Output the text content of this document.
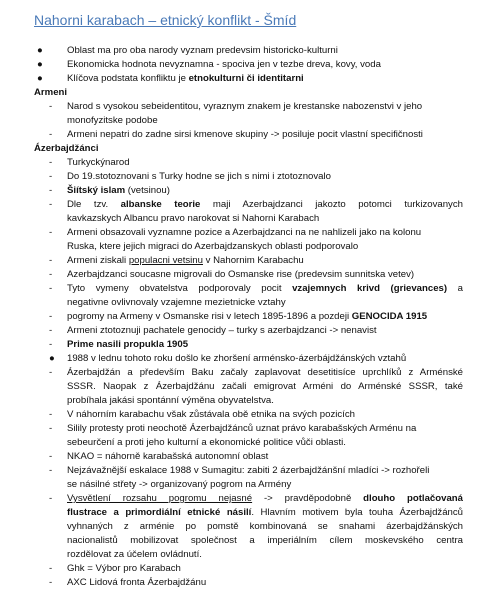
Nahorni karabach – etnický konflikt - Šmíd
●	Oblast ma pro oba narody vyznam predevsim historicko-kulturni
●	Ekonomicka hodnota nevyznamna - spociva jen v tezbe dreva, kovy, voda
●	Klíčova podstata konfliktu je etnokulturni či identitarni
Armeni
- Narod s vysokou sebeidentitou, vyraznym znakem je krestanske nabozenstvi v jeho
monofyzitske podobe
- Armeni nepatri do zadne sirsi kmenove skupiny -> posiluje pocit vlastní specifičnosti
Ázerbajdžánci
- Turkyckýnarod
- Do 19.stotoznovani s Turky hodne se jich s nimi i ztotoznovalo
- Šiítský islam (vetsinou)
- Dle tzv. albanske teorie maji Azerbajdzanci jakozto potomci turkizovanych
kavkazskych Albancu pravo narokovat si Nahorni Karabach
- Armeni obsazovali vyznamne pozice a Azerbajdzanci na ne nahlizeli jako na kolonu
Ruska, ktere jejich migraci do Azerbajdzanskych oblasti podporovalo
- Armeni ziskali populacni vetsinu v Nahornim Karabachu
- Azerbajdzanci soucasne migrovali do Osmanske rise (predevsim sunnitska vetev)
- Tyto vymeny obvatelstva podporovaly pocit vzajemnych krivd (grievances) a
negativne ovlivnovaly vzajemne mezietnicke vztahy
- pogromy na Armeny v Osmanske risi v letech 1895-1896 a pozdeji GENOCIDA 1915
- Armeni ztotoznuji pachatele genocidy – turky s azerbajdzanci -> nenavist
- Prime nasili propukla 1905
● 1988 v lednu tohoto roku došlo ke zhoršení arménsko-ázerbájdžánských vztahů
- Ázerbajdžán a především Baku začaly zaplavovat desetitisíce uprchlíků z Arménské
SSSR. Naopak z Ázerbajdžánu začali emigrovat Arméni do Arménské SSSR, také
probíhala jakási spontánní výměna obyvatelstva.
- V náhorním karabachu však zůstávala obě etnika na svých pozicích
- Silily protesty proti neochotě Ázerbajdžánců uznat právo karabašských Arménu na
sebeurčení a proti jeho kulturní a ekonomické politice vůči oblasti.
- NKAO = náhorně karabašská autonomní oblast
- Nejzávažnější eskalace 1988 v Sumagitu: zabiti 2 ázerbajdžánšní mladíci -> rozhořeli
se násilné střety -> organizovaný pogrom na Armény
- Vysvětlení rozsahu pogromu nejasné -> pravděpodobně dlouho potlačovaná
flustrace a primordiální etnické násilí. Hlavním motivem byla touha Ázerbajdžánců
vyhnaných z arménie po pomstě kombinovaná se snahami ázerbajdžánských
nacionalistů mobilizovat společnost a imperiálním cílem moskevského centra
rozdělovat za účelem ovládnutí.
- Ghk = Výbor pro Karabach
- AXC Lidová fronta Ázerbajdžánu
